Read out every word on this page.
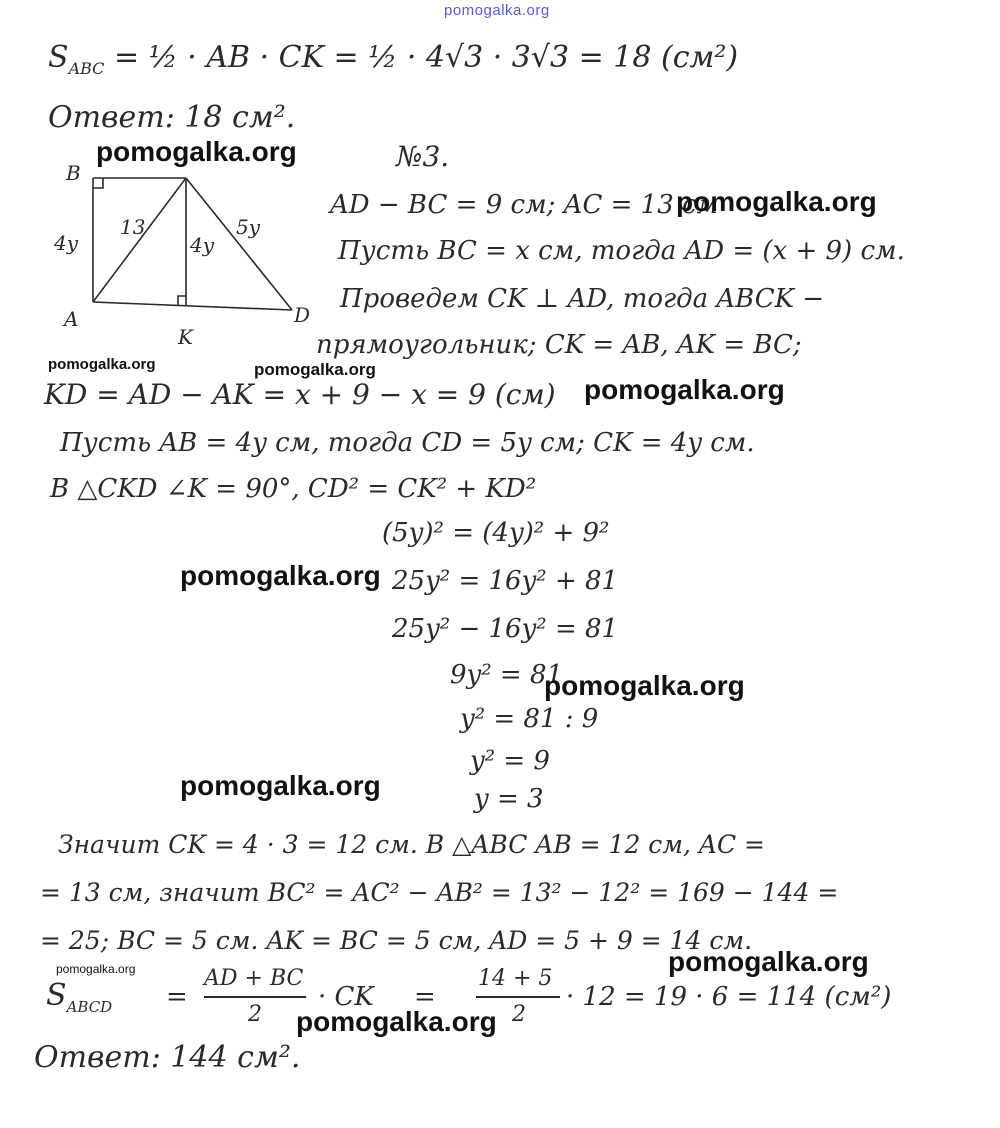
pomogalka.org
$S_{ABC}$ = ½ · AB · CK = ½ · 4√3 · 3√3 = 18 (см²)
Ответ: 18 см².
pomogalka.org	№3.
B
A
K
D
4y
13
4y
5y
AD − BC = 9 см; AC = 13 см
pomogalka.org
Пусть BC = x см, тогда AD = (x + 9) см.
Проведем CK ⊥ AD, тогда ABCK −
прямоугольник; CK = AB, AK = BC;
pomogalka.org	pomogalka.org
KD = AD − AK = x + 9 − x = 9 (см) pomogalka.org
Пусть AB = 4y см, тогда CD = 5y см; CK = 4y см.
В △CKD ∠K = 90°, CD² = CK² + KD²
(5y)² = (4y)² + 9²
pomogalka.org 25y² = 16y² + 81
25y² − 16y² = 81
9y² = 81
pomogalka.org
y² = 81 : 9
y² = 9
pomogalka.org	y = 3
Значит CK = 4 · 3 = 12 см. В △ABC AB = 12 см, AC =
= 13 см, значит BC² = AC² − AB² = 13² − 12² = 169 − 144 =
= 25; BC = 5 см. AK = BC = 5 см, AD = 5 + 9 = 14 см.
pomogalka.org	pomogalka.org
$S_{ABCD}$ =
AD + BC
2
· CK =
14 + 5
2
· 12 = 19 · 6 = 114 (см²)
pomogalka.org
Ответ: 144 см².
